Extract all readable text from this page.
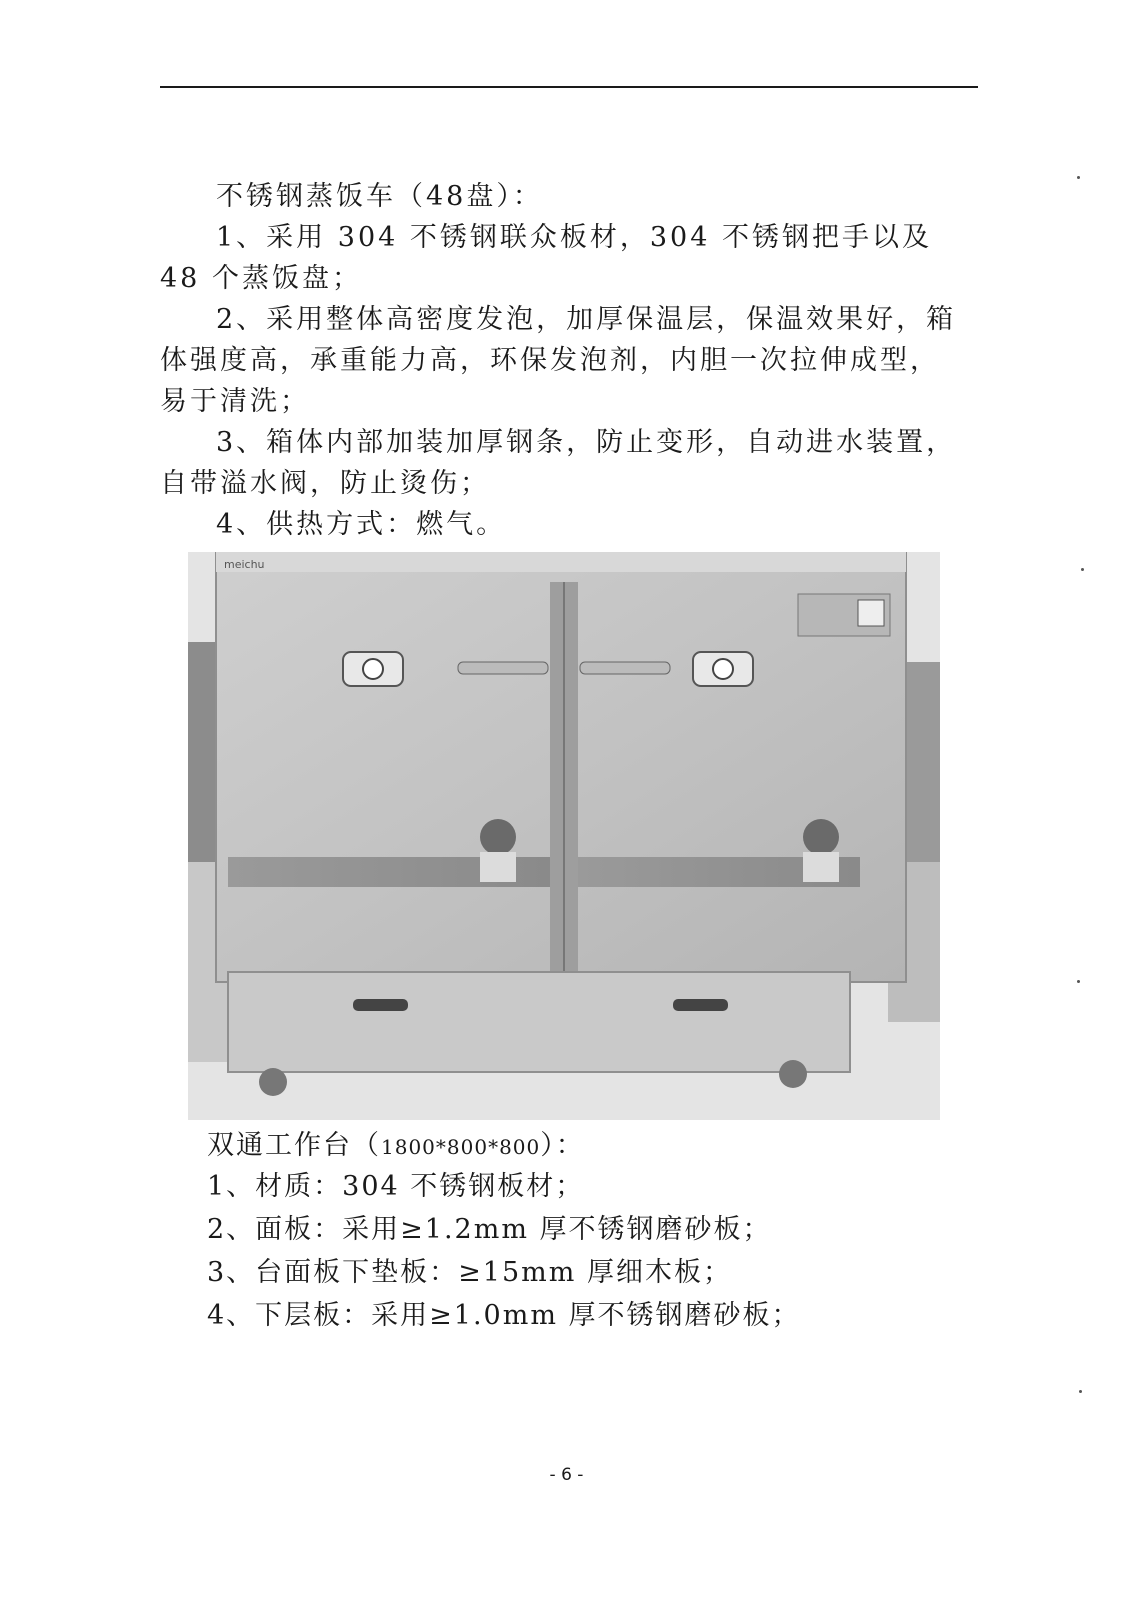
不锈钢蒸饭车（48盘）：

1、采用 304 不锈钢联众板材，304 不锈钢把手以及 48 个蒸饭盘；

2、采用整体高密度发泡，加厚保温层，保温效果好，箱体强度高，承重能力高，环保发泡剂，内胆一次拉伸成型，易于清洗；

3、箱体内部加装加厚钢条，防止变形，自动进水装置，自带溢水阀，防止烫伤；

4、供热方式：燃气。

meichu
双通工作台（1800*800*800）：
1、材质：304 不锈钢板材；
2、面板：采用≥1.2mm 厚不锈钢磨砂板；
3、台面板下垫板：≥15mm 厚细木板；
4、下层板：采用≥1.0mm 厚不锈钢磨砂板；
- 6 -
